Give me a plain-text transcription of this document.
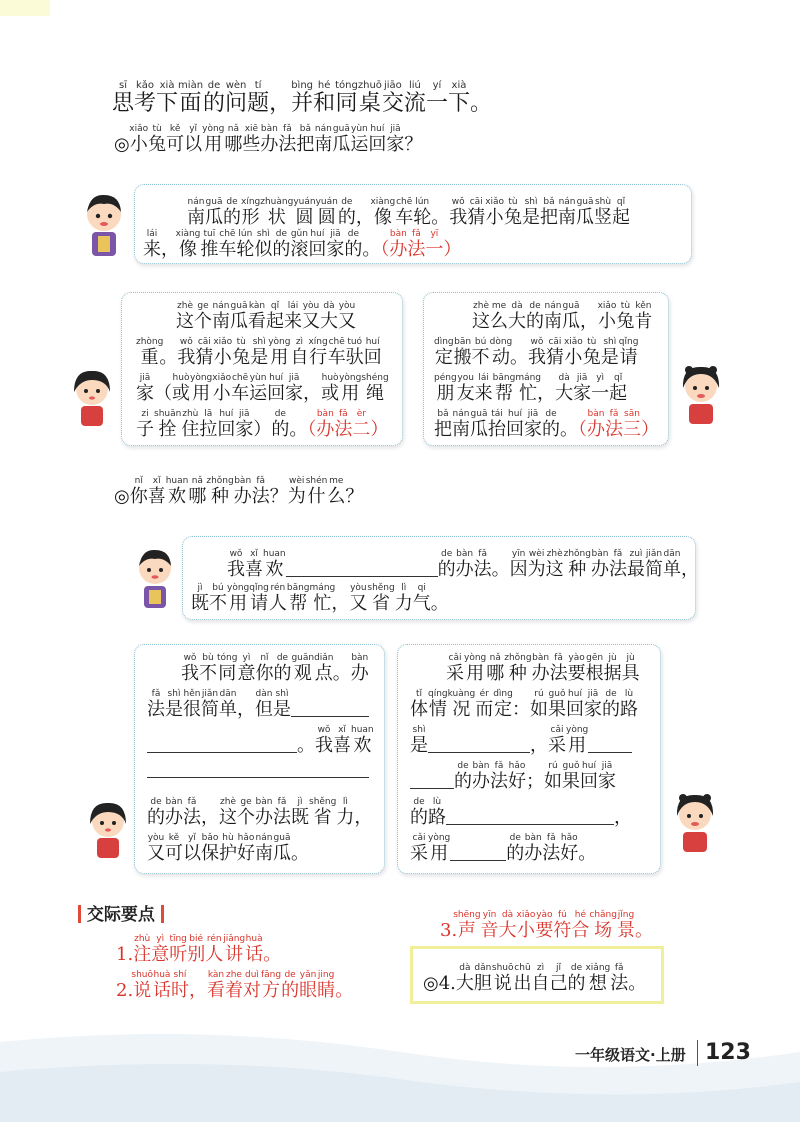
思sī考kǎo下xià面miàn的de问wèn题tí，并bìng和hé同tóng桌zhuō交jiāo流liú一yí下xià。
◎小xiǎo兔tù可kě以yǐ用yòng哪nǎ些xiē办bàn法fǎ把bǎ南nán瓜guā运yùn回huí家jiā？
南nán瓜guā的de形xíng状zhuàng圆yuán圆yuán的de，像xiàng车chē轮lún。我wǒ猜cāi小xiǎo兔tù是shì把bǎ南nán瓜guā竖shù起qǐ
来lái，像xiàng推tuī车chē轮lún似shì的de滚gǔn回huí家jiā的de。（办bàn法fǎ一yī）
这zhè个ge南nán瓜guā看kàn起qǐ来lái又yòu大dà又yòu
重zhòng。我wǒ猜cāi小xiǎo兔tù是shì用yòng自zì行xíng车chē驮tuó回huí
家jiā（或huò用yòng小xiǎo车chē运yùn回huí家jiā，或huò用yòng绳shéng
子zi拴shuān住zhù拉lā回huí家jiā）的de。（办bàn法fǎ二èr）
这zhè么me大dà的de南nán瓜guā，小xiǎo兔tù肯kěn
定dìng搬bān不bú动dòng。我wǒ猜cāi小xiǎo兔tù是shì请qǐng
朋péng友you来lái帮bāng忙máng，大dà家jiā一yì起qǐ
把bǎ南nán瓜guā抬tái回huí家jiā的de。（办bàn法fǎ三sān）
◎你nǐ喜xǐ欢huan哪nǎ种zhǒng办bàn法fǎ？为wèi什shén么me？
我wǒ喜xǐ欢huan的de办bàn法fǎ。因yīn为wèi这zhè种zhǒng办bàn法fǎ最zuì简jiǎn单dān，
既jì不bú用yòng请qǐng人rén帮bāng忙máng，又yòu省shěng力lì气qi。
我wǒ不bù同tóng意yì你nǐ的de观guān点diǎn。办bàn
法fǎ是shì很hěn简jiǎn单dān，但dàn是shì
。我wǒ喜xǐ欢huan
的de办bàn法fǎ，这zhè个ge办bàn法fǎ既jì省shěng力lì，
又yòu可kě以yǐ保bǎo护hù好hǎo南nán瓜guā。
采cǎi用yòng哪nǎ种zhǒng办bàn法fǎ要yào根gēn据jù具jù
体tǐ情qíng况kuàng而ér定dìng：如rú果guǒ回huí家jiā的de路lù
是shì，采cǎi用yòng
的de办bàn法fǎ好hǎo；如rú果guǒ回huí家jiā
的de路lù，
采cǎi用yòng的de办bàn法fǎ好hǎo。
交际要点
1.注zhù意yì听tīng别bié人rén讲jiǎng话huà。
2.说shuō话huà时shí，看kàn着zhe对duì方fāng的de眼yǎn睛jing。
3.声shēng音yīn大dà小xiǎo要yào符fú合hé场chǎng景jǐng。
◎4.大dà胆dǎn说shuō出chū自zì己jǐ的de想xiǎng法fǎ。
一年级语文·上册 123
